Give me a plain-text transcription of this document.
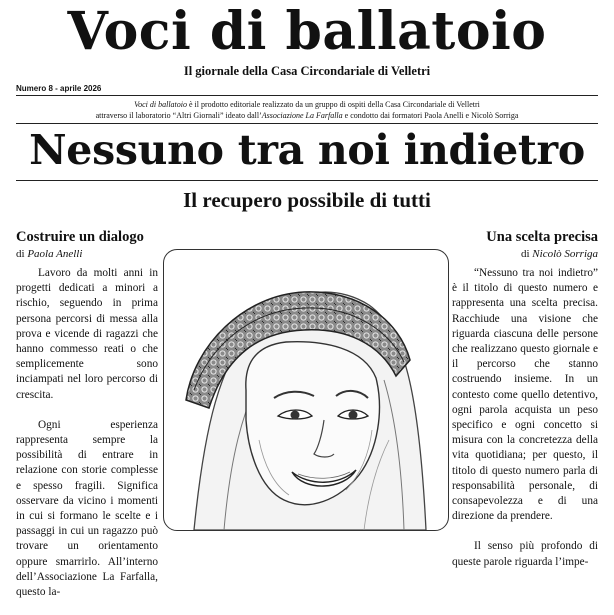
Voci di ballatoio
Il giornale della Casa Circondariale di Velletri
Numero 8 - aprile 2026
Voci di ballatoio è il prodotto editoriale realizzato da un gruppo di ospiti della Casa Circondariale di Velletri
attraverso il laboratorio “Altri Giornali” ideato dall’Associazione La Farfalla e condotto dai formatori Paola Anelli e Nicolò Sorriga
Nessuno tra noi indietro
Il recupero possibile di tutti
Costruire un dialogo
di Paola Anelli

Lavoro da molti anni in progetti dedicati a minori a rischio, seguendo in prima persona percorsi di messa alla prova e vicende di ragazzi che hanno commesso reati o che semplicemente sono inciampati nel loro percorso di crescita.

Ogni esperienza rappresenta sempre la possibilità di entrare in relazione con storie complesse e spesso fragili. Significa osservare da vicino i momenti in cui si formano le scelte e i passaggi in cui un ragazzo può trovare un orientamento oppure smarrirlo. All’interno dell’Associazione La Farfalla, questo la-

Una scelta precisa
di Nicolò Sorriga

“Nessuno tra noi indietro” è il titolo di questo numero e rappresenta una scelta precisa. Racchiude una visione che riguarda ciascuna delle persone che realizzano questo giornale e il percorso che stanno costruendo insieme. In un contesto come quello detentivo, ogni parola acquista un peso specifico e ogni concetto si misura con la concretezza della vita quotidiana; per questo, il titolo di questo numero parla di responsabilità personale, di consapevolezza e di una direzione da prendere.

Il senso più profondo di queste parole riguarda l’impe-
